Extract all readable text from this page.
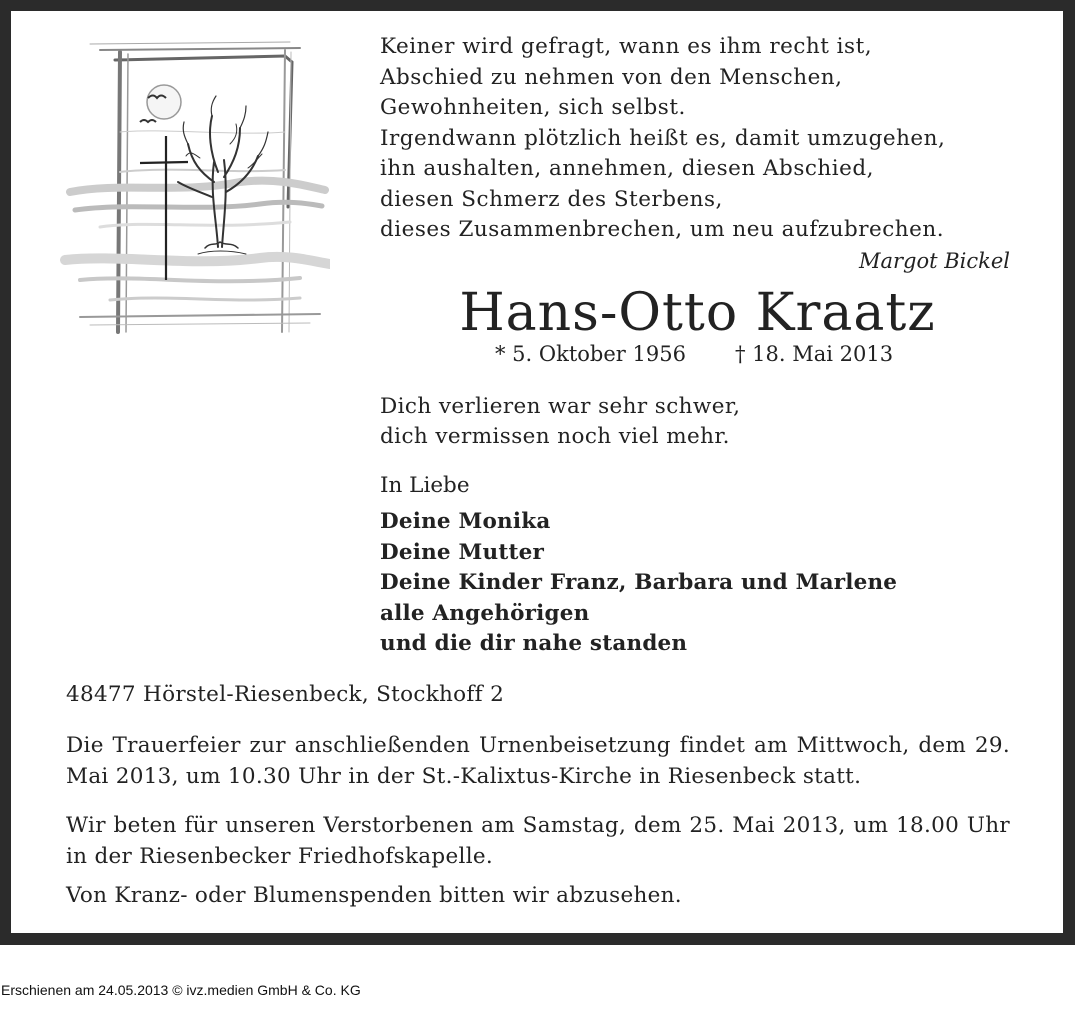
Keiner wird gefragt, wann es ihm recht ist,
Abschied zu nehmen von den Menschen,
Gewohnheiten, sich selbst.
Irgendwann plötzlich heißt es, damit umzugehen,
ihn aushalten, annehmen, diesen Abschied,
diesen Schmerz des Sterbens,
dieses Zusammenbrechen, um neu aufzubrechen.
Margot Bickel
Hans-Otto Kraatz
* 5. Oktober 1956 † 18. Mai 2013
Dich verlieren war sehr schwer,
dich vermissen noch viel mehr.
In Liebe
Deine Monika
Deine Mutter
Deine Kinder Franz, Barbara und Marlene
alle Angehörigen
und die dir nahe standen
48477 Hörstel-Riesenbeck, Stockhoff 2
Die Trauerfeier zur anschließenden Urnenbeisetzung findet am Mittwoch, dem 29. Mai 2013, um 10.30 Uhr in der St.-Kalixtus-Kirche in Riesenbeck statt.
Wir beten für unseren Verstorbenen am Samstag, dem 25. Mai 2013, um 18.00 Uhr in der Riesenbecker Friedhofskapelle.
Von Kranz- oder Blumenspenden bitten wir abzusehen.
Erschienen am 24.05.2013 © ivz.medien GmbH & Co. KG
